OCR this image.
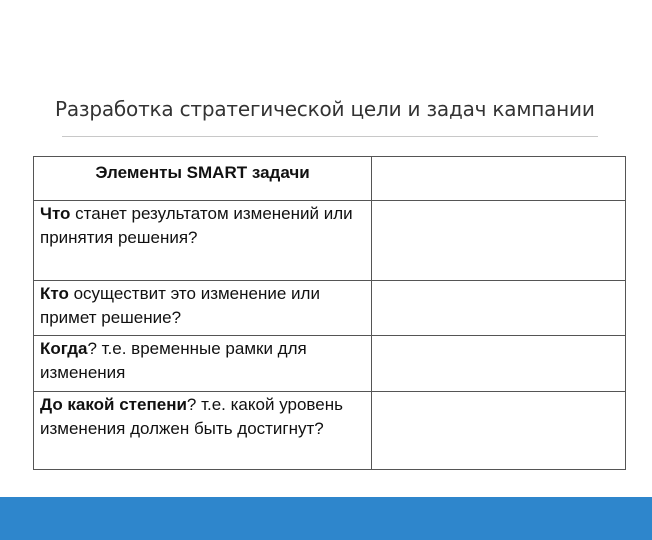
Разработка стратегической цели и задач кампании
Элементы SMART задачи	
Что станет результатом изменений или принятия решения?	
Кто осуществит это изменение или примет решение?	
Когда? т.е. временные рамки для изменения	
До какой степени? т.е. какой уровень изменения должен быть достигнут?	
